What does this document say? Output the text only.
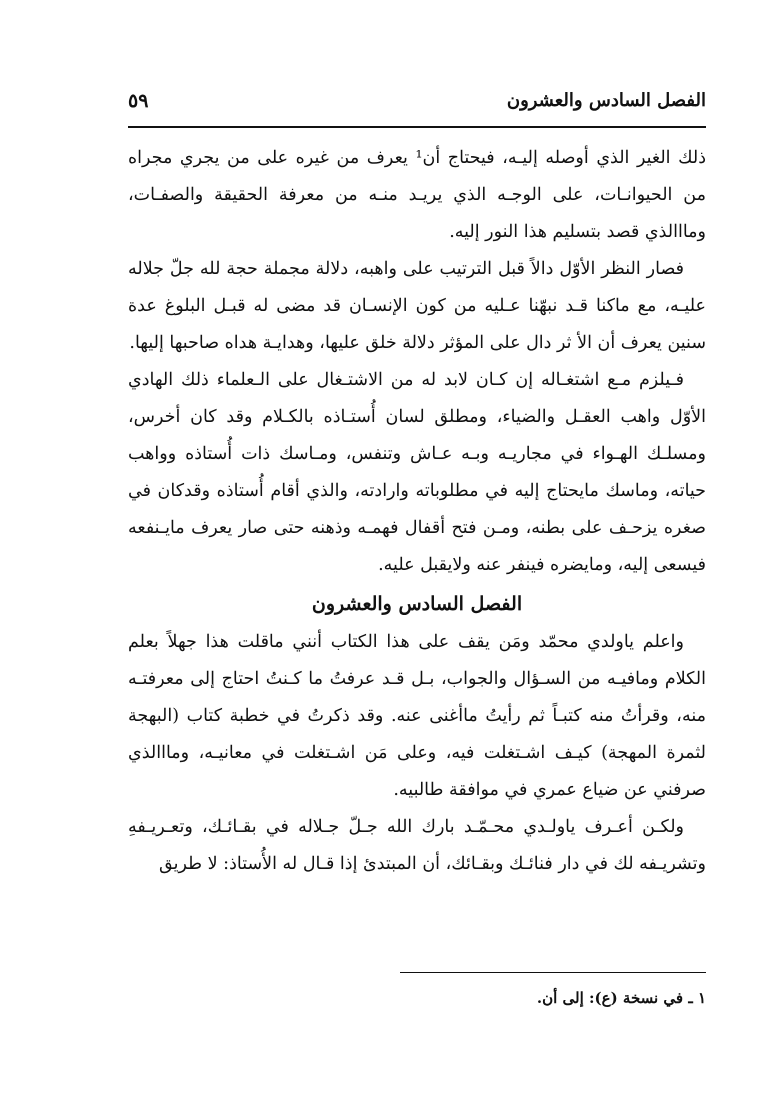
الفصل السادس والعشرون
٥٩

ذلك الغير الذي أوصله إليـه، فيحتاج أن¹ يعرف من غيره على من يجري مجراه من الحيوانـات، على الوجـه الذي يريـد منـه من معرفة الحقيقة والصفـات، ومااالذي قصد بتسليم هذا النور إليه.

فصار النظر الأوّل دالاً قبل الترتيب على واهبه، دلالة مجملة حجة لله جلّ جلاله عليـه، مع ماكنا قـد نبهّنا عـليه من كون الإنسـان قد مضى له قبـل البلوغ عدة سنين يعرف أن الأ ثر دال على المؤثر دلالة خلق عليها، وهدايـة هداه صاحبها إليها.

فـيلزم مـع اشتغـاله إن كـان لابد له من الاشتـغال على الـعلماء ذلك الهادي الأوّل واهب العقـل والضياء، ومطلق لسان أُستـاذه بالكـلام وقد كان أخرس، ومسلـك الهـواء في مجاريـه وبـه عـاش وتنفس، ومـاسك ذات أُستاذه وواهب حياته، وماسك مايحتاج إليه في مطلوباته وارادته، والذي أقام أُستاذه وقدكان في صغره يزحـف على بطنه، ومـن فتح أقفال فهمـه وذهنه حتى صار يعرف مايـنفعه فيسعى إليه، ومايضره فينفر عنه ولايقبل عليه.

الفصل السادس والعشرون

واعلم ياولدي محمّد ومَن يقف على هذا الكتاب أنني ماقلت هذا جهلاً بعلم الكلام ومافيـه من السـؤال والجواب، بـل قـد عرفتُ ما كـنتُ احتاج إلى معرفتـه منه، وقرأتُ منه كتبـاً ثم رأيتُ ماأغنى عنه. وقد ذكرتُ في خطبة كتاب (البهجة لثمرة المهجة) كيـف اشـتغلت فيه، وعلى مَن اشـتغلت في معانيـه، ومااالذي صرفني عن ضياع عمري في موافقة طالبيه.

ولكـن أعـرف ياولـدي محـمّـد بارك الله جـلّ جـلاله في بقـائـك، وتعـريـفهِ وتشريـفه لك في دار فنائـك وبقـائك، أن المبتدئ إذا قـال له الأُستاذ: لا طريق

١ ـ في نسخة (ع): إلى أن.
